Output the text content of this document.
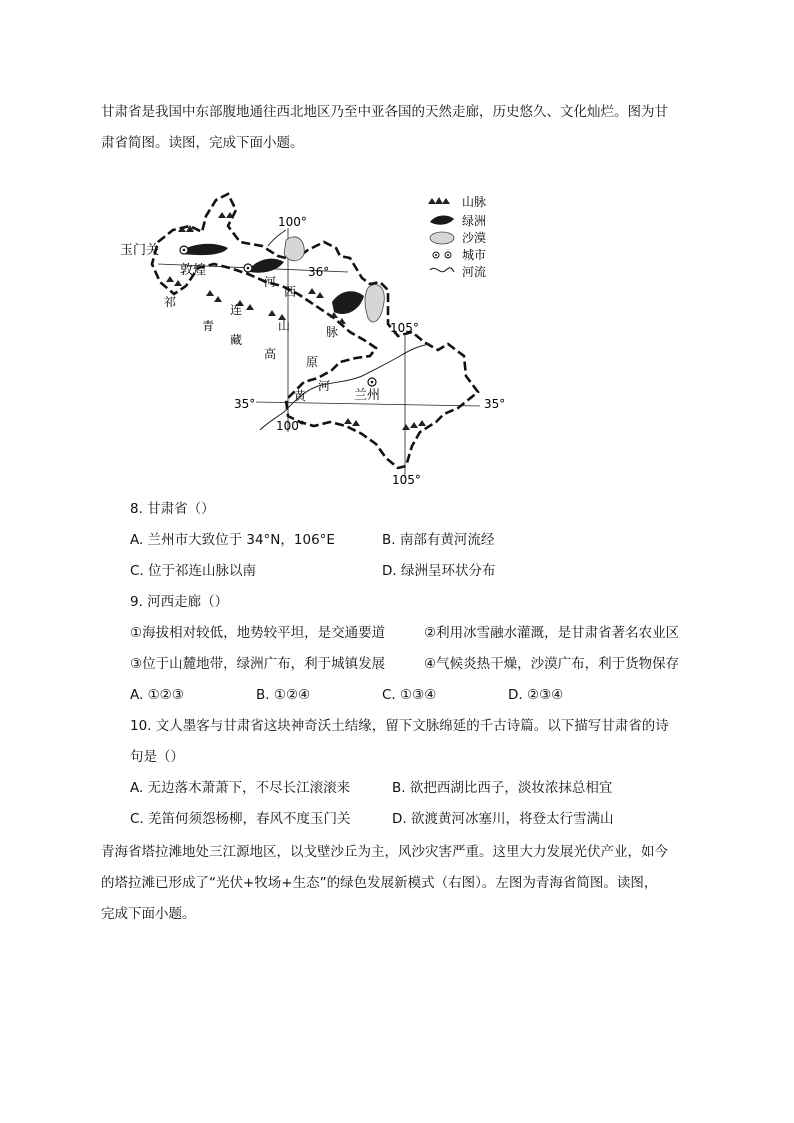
甘肃省是我国中东部腹地通往西北地区乃至中亚各国的天然走廊，历史悠久、文化灿烂。图为甘
肃省简图。读图，完成下面小题。
玉门关
敦煌
兰州
河
西
祁
连
山	脉
青
藏
高
原
黄
河
100°
100°
105°
105°
36°
35°	35°
山脉
绿洲
沙漠
城市
河流
8. 甘肃省（）
A. 兰州市大致位于 34°N，106°E	B. 南部有黄河流经
C. 位于祁连山脉以南	D. 绿洲呈环状分布
9. 河西走廊（）
①海拔相对较低，地势较平坦，是交通要道	②利用冰雪融水灌溉，是甘肃省著名农业区
③位于山麓地带，绿洲广布，利于城镇发展	④气候炎热干燥，沙漠广布，利于货物保存
A. ①②③	B. ①②④	C. ①③④	D. ②③④
10. 文人墨客与甘肃省这块神奇沃土结缘，留下文脉绵延的千古诗篇。以下描写甘肃省的诗
句是（）
A. 无边落木萧萧下，不尽长江滚滚来	B. 欲把西湖比西子，淡妆浓抹总相宜
C. 羌笛何须怨杨柳，春风不度玉门关	D. 欲渡黄河冰塞川，将登太行雪满山
青海省塔拉滩地处三江源地区，以戈壁沙丘为主，风沙灾害严重。这里大力发展光伏产业，如今
的塔拉滩已形成了“光伏+牧场+生态”的绿色发展新模式（右图）。左图为青海省简图。读图，
完成下面小题。
